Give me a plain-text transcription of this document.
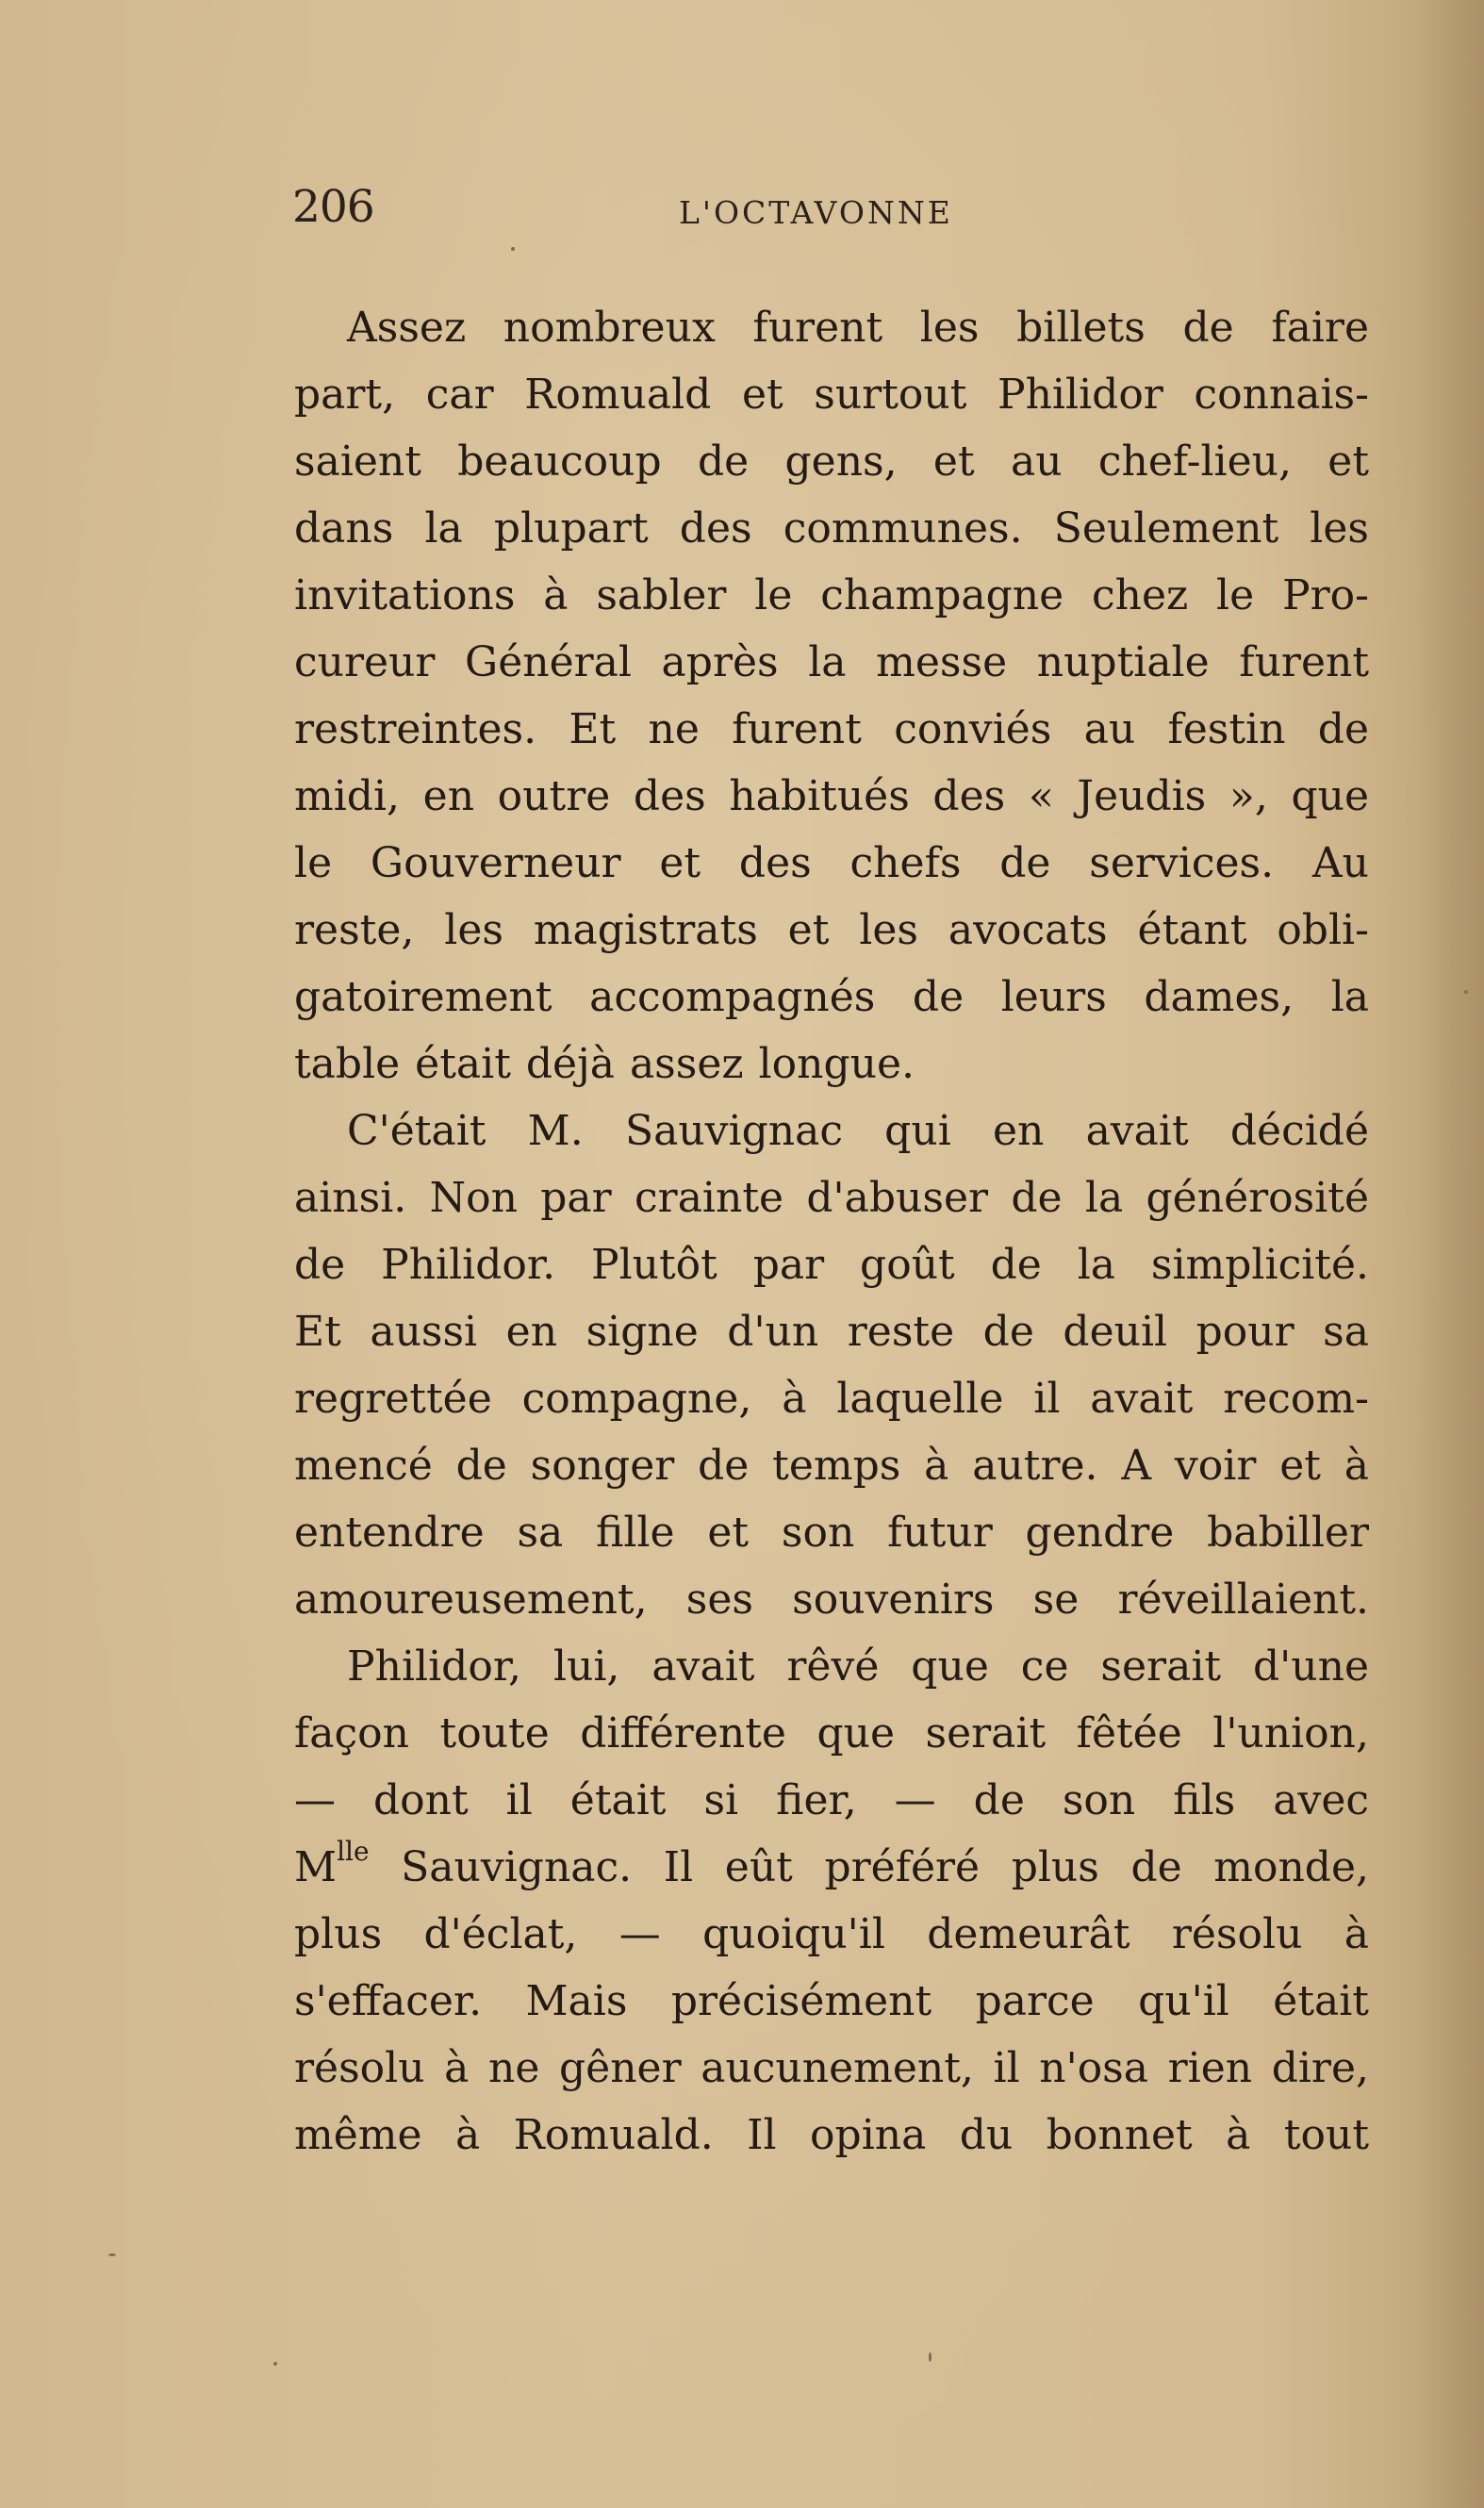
206	L'OCTAVONNE
Assez nombreux furent les billets de faire
part, car Romuald et surtout Philidor connais-
saient beaucoup de gens, et au chef-lieu, et
dans la plupart des communes. Seulement les
invitations à sabler le champagne chez le Pro-
cureur Général après la messe nuptiale furent
restreintes. Et ne furent conviés au festin de
midi, en outre des habitués des « Jeudis », que
le Gouverneur et des chefs de services. Au
reste, les magistrats et les avocats étant obli-
gatoirement accompagnés de leurs dames, la
table était déjà assez longue.
C'était M. Sauvignac qui en avait décidé
ainsi. Non par crainte d'abuser de la générosité
de Philidor. Plutôt par goût de la simplicité.
Et aussi en signe d'un reste de deuil pour sa
regrettée compagne, à laquelle il avait recom-
mencé de songer de temps à autre. A voir et à
entendre sa fille et son futur gendre babiller
amoureusement, ses souvenirs se réveillaient.
Philidor, lui, avait rêvé que ce serait d'une
façon toute différente que serait fêtée l'union,
— dont il était si fier, — de son fils avec
$M^{lle}$ Sauvignac. Il eût préféré plus de monde,
plus d'éclat, — quoiqu'il demeurât résolu à
s'effacer. Mais précisément parce qu'il était
résolu à ne gêner aucunement, il n'osa rien dire,
même à Romuald. Il opina du bonnet à tout
